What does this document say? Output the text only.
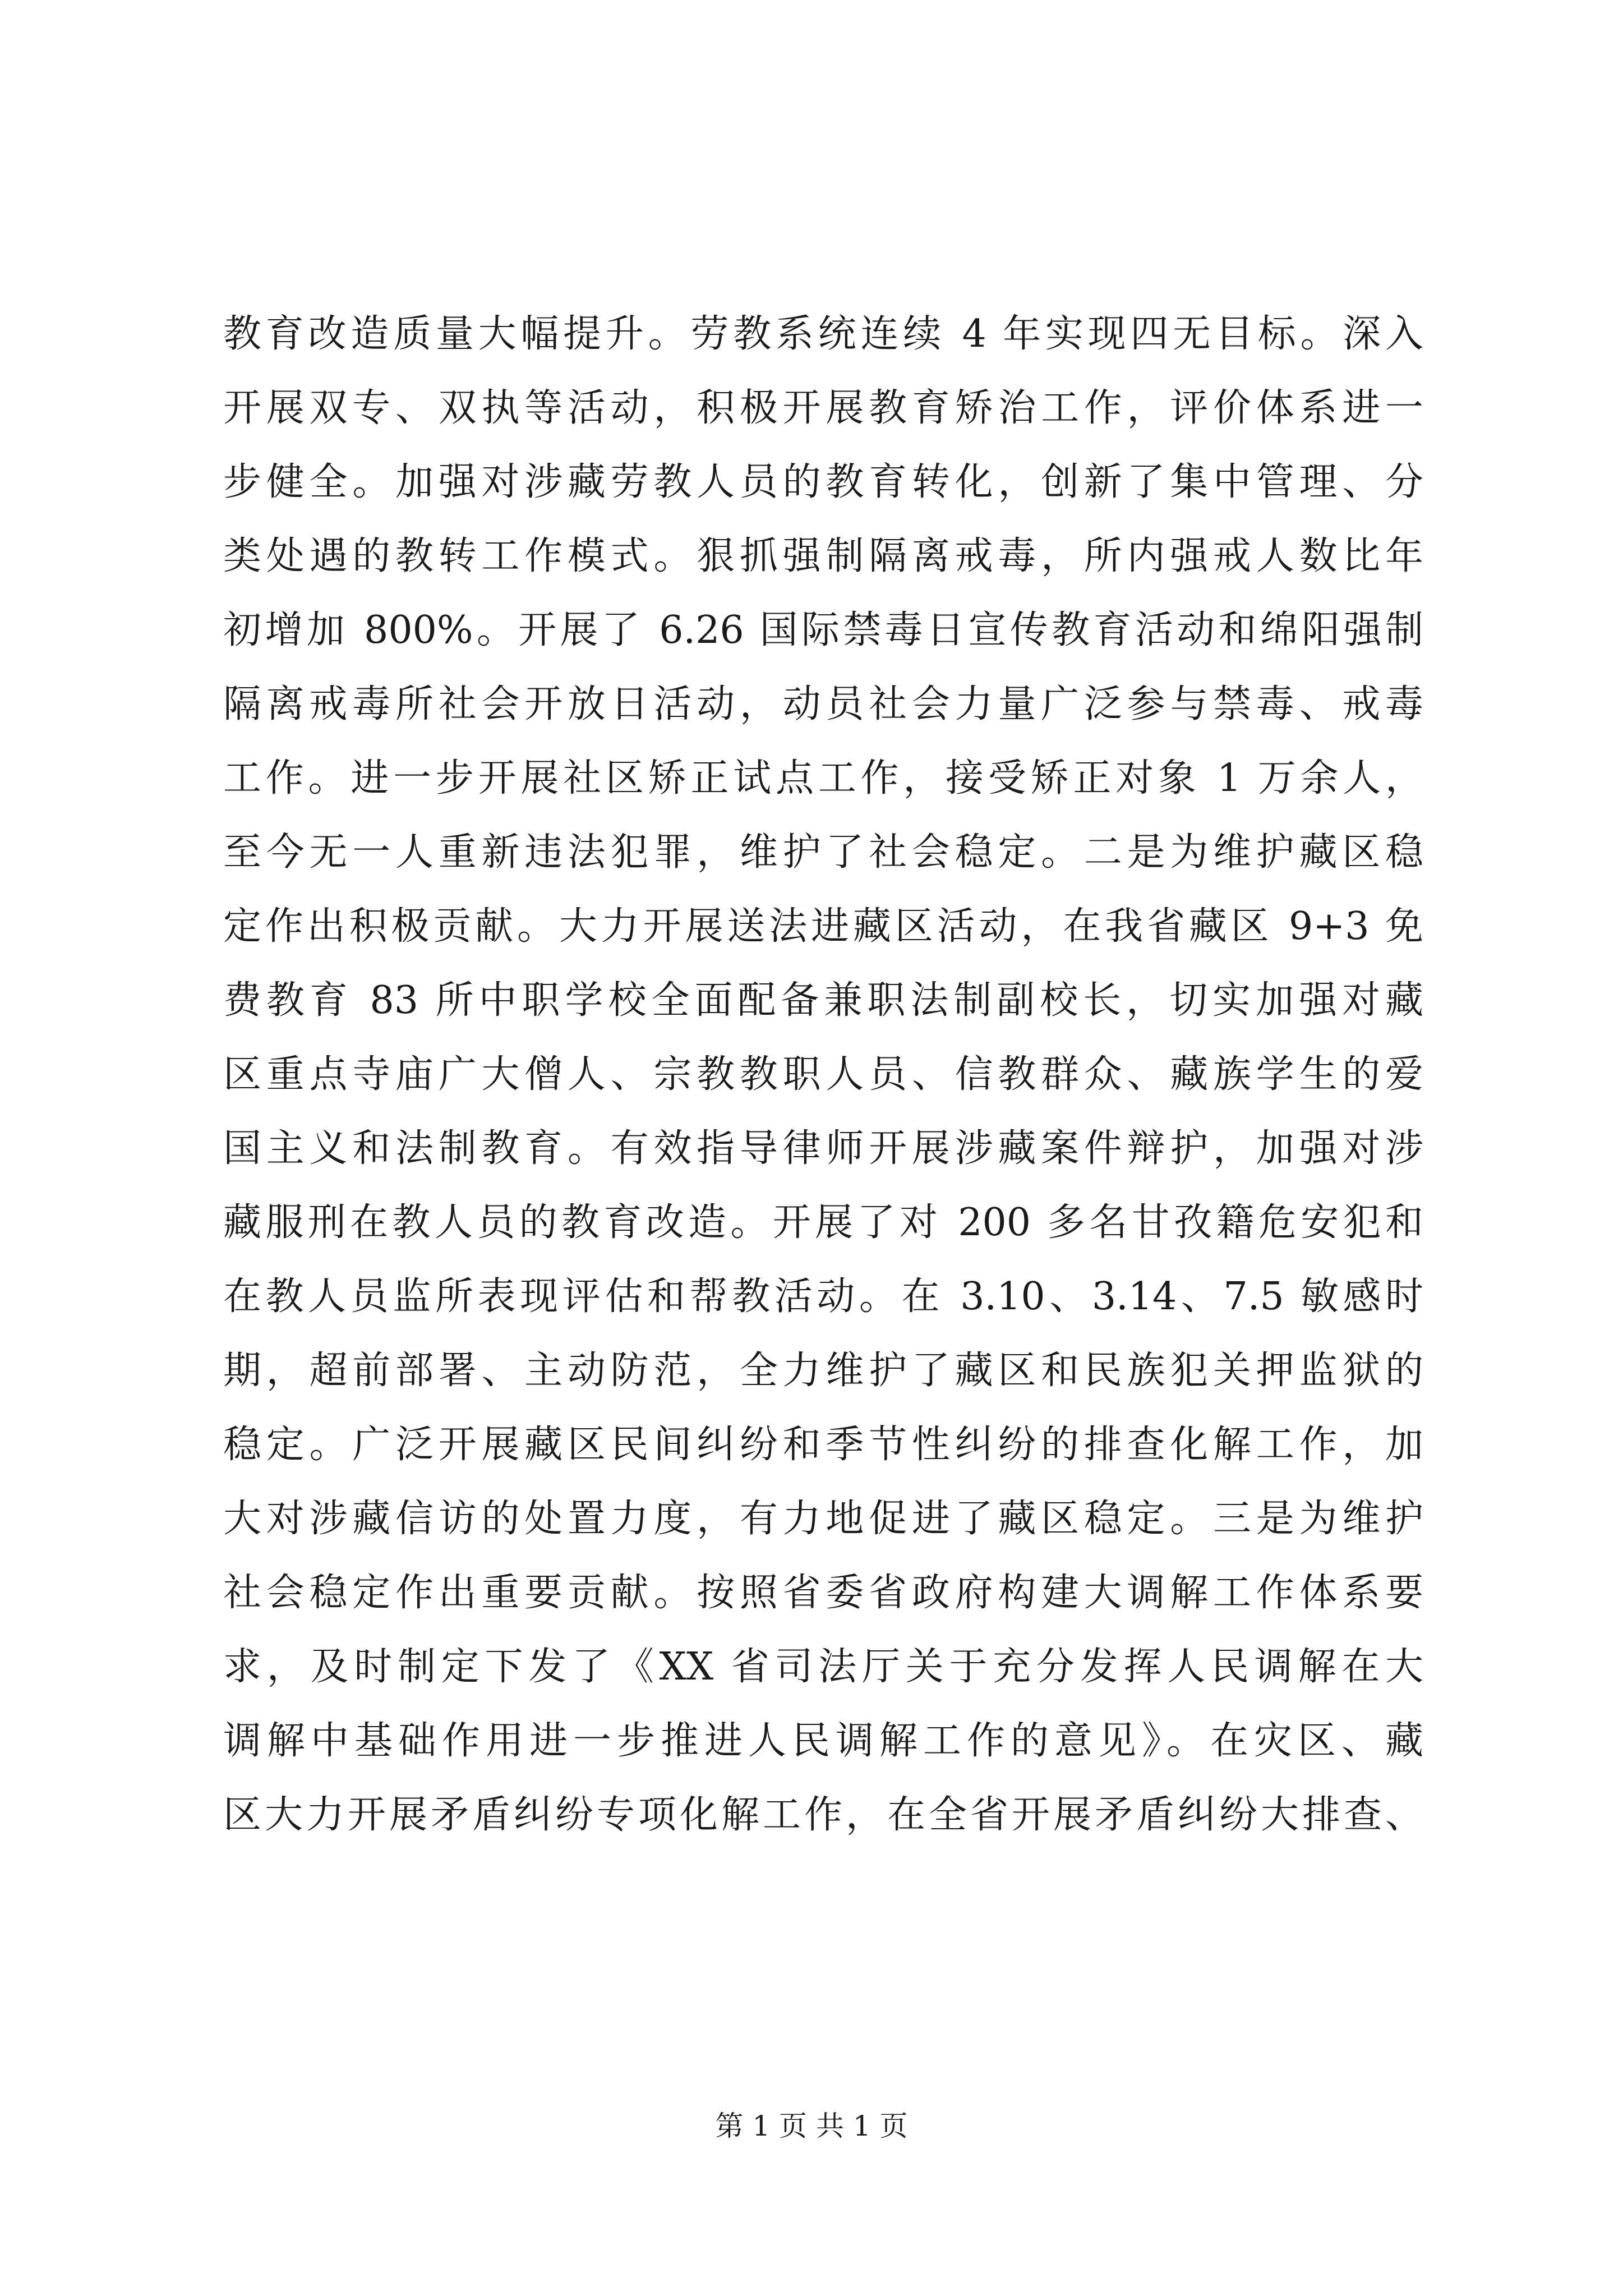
教育改造质量大幅提升。劳教系统连续 4 年实现四无目标。深入
开展双专、双执等活动，积极开展教育矫治工作，评价体系进一
步健全。加强对涉藏劳教人员的教育转化，创新了集中管理、分
类处遇的教转工作模式。狠抓强制隔离戒毒，所内强戒人数比年
初增加 800%。开展了 6.26 国际禁毒日宣传教育活动和绵阳强制
隔离戒毒所社会开放日活动，动员社会力量广泛参与禁毒、戒毒
工作。进一步开展社区矫正试点工作，接受矫正对象 1 万余人，
至今无一人重新违法犯罪，维护了社会稳定。二是为维护藏区稳
定作出积极贡献。大力开展送法进藏区活动，在我省藏区 9+3 免
费教育 83 所中职学校全面配备兼职法制副校长，切实加强对藏
区重点寺庙广大僧人、宗教教职人员、信教群众、藏族学生的爱
国主义和法制教育。有效指导律师开展涉藏案件辩护，加强对涉
藏服刑在教人员的教育改造。开展了对 200 多名甘孜籍危安犯和
在教人员监所表现评估和帮教活动。在 3.10、3.14、7.5 敏感时
期，超前部署、主动防范，全力维护了藏区和民族犯关押监狱的
稳定。广泛开展藏区民间纠纷和季节性纠纷的排查化解工作，加
大对涉藏信访的处置力度，有力地促进了藏区稳定。三是为维护
社会稳定作出重要贡献。按照省委省政府构建大调解工作体系要
求，及时制定下发了《XX 省司法厅关于充分发挥人民调解在大
调解中基础作用进一步推进人民调解工作的意见》。在灾区、藏
区大力开展矛盾纠纷专项化解工作，在全省开展矛盾纠纷大排查、
第 1 页 共 1 页
